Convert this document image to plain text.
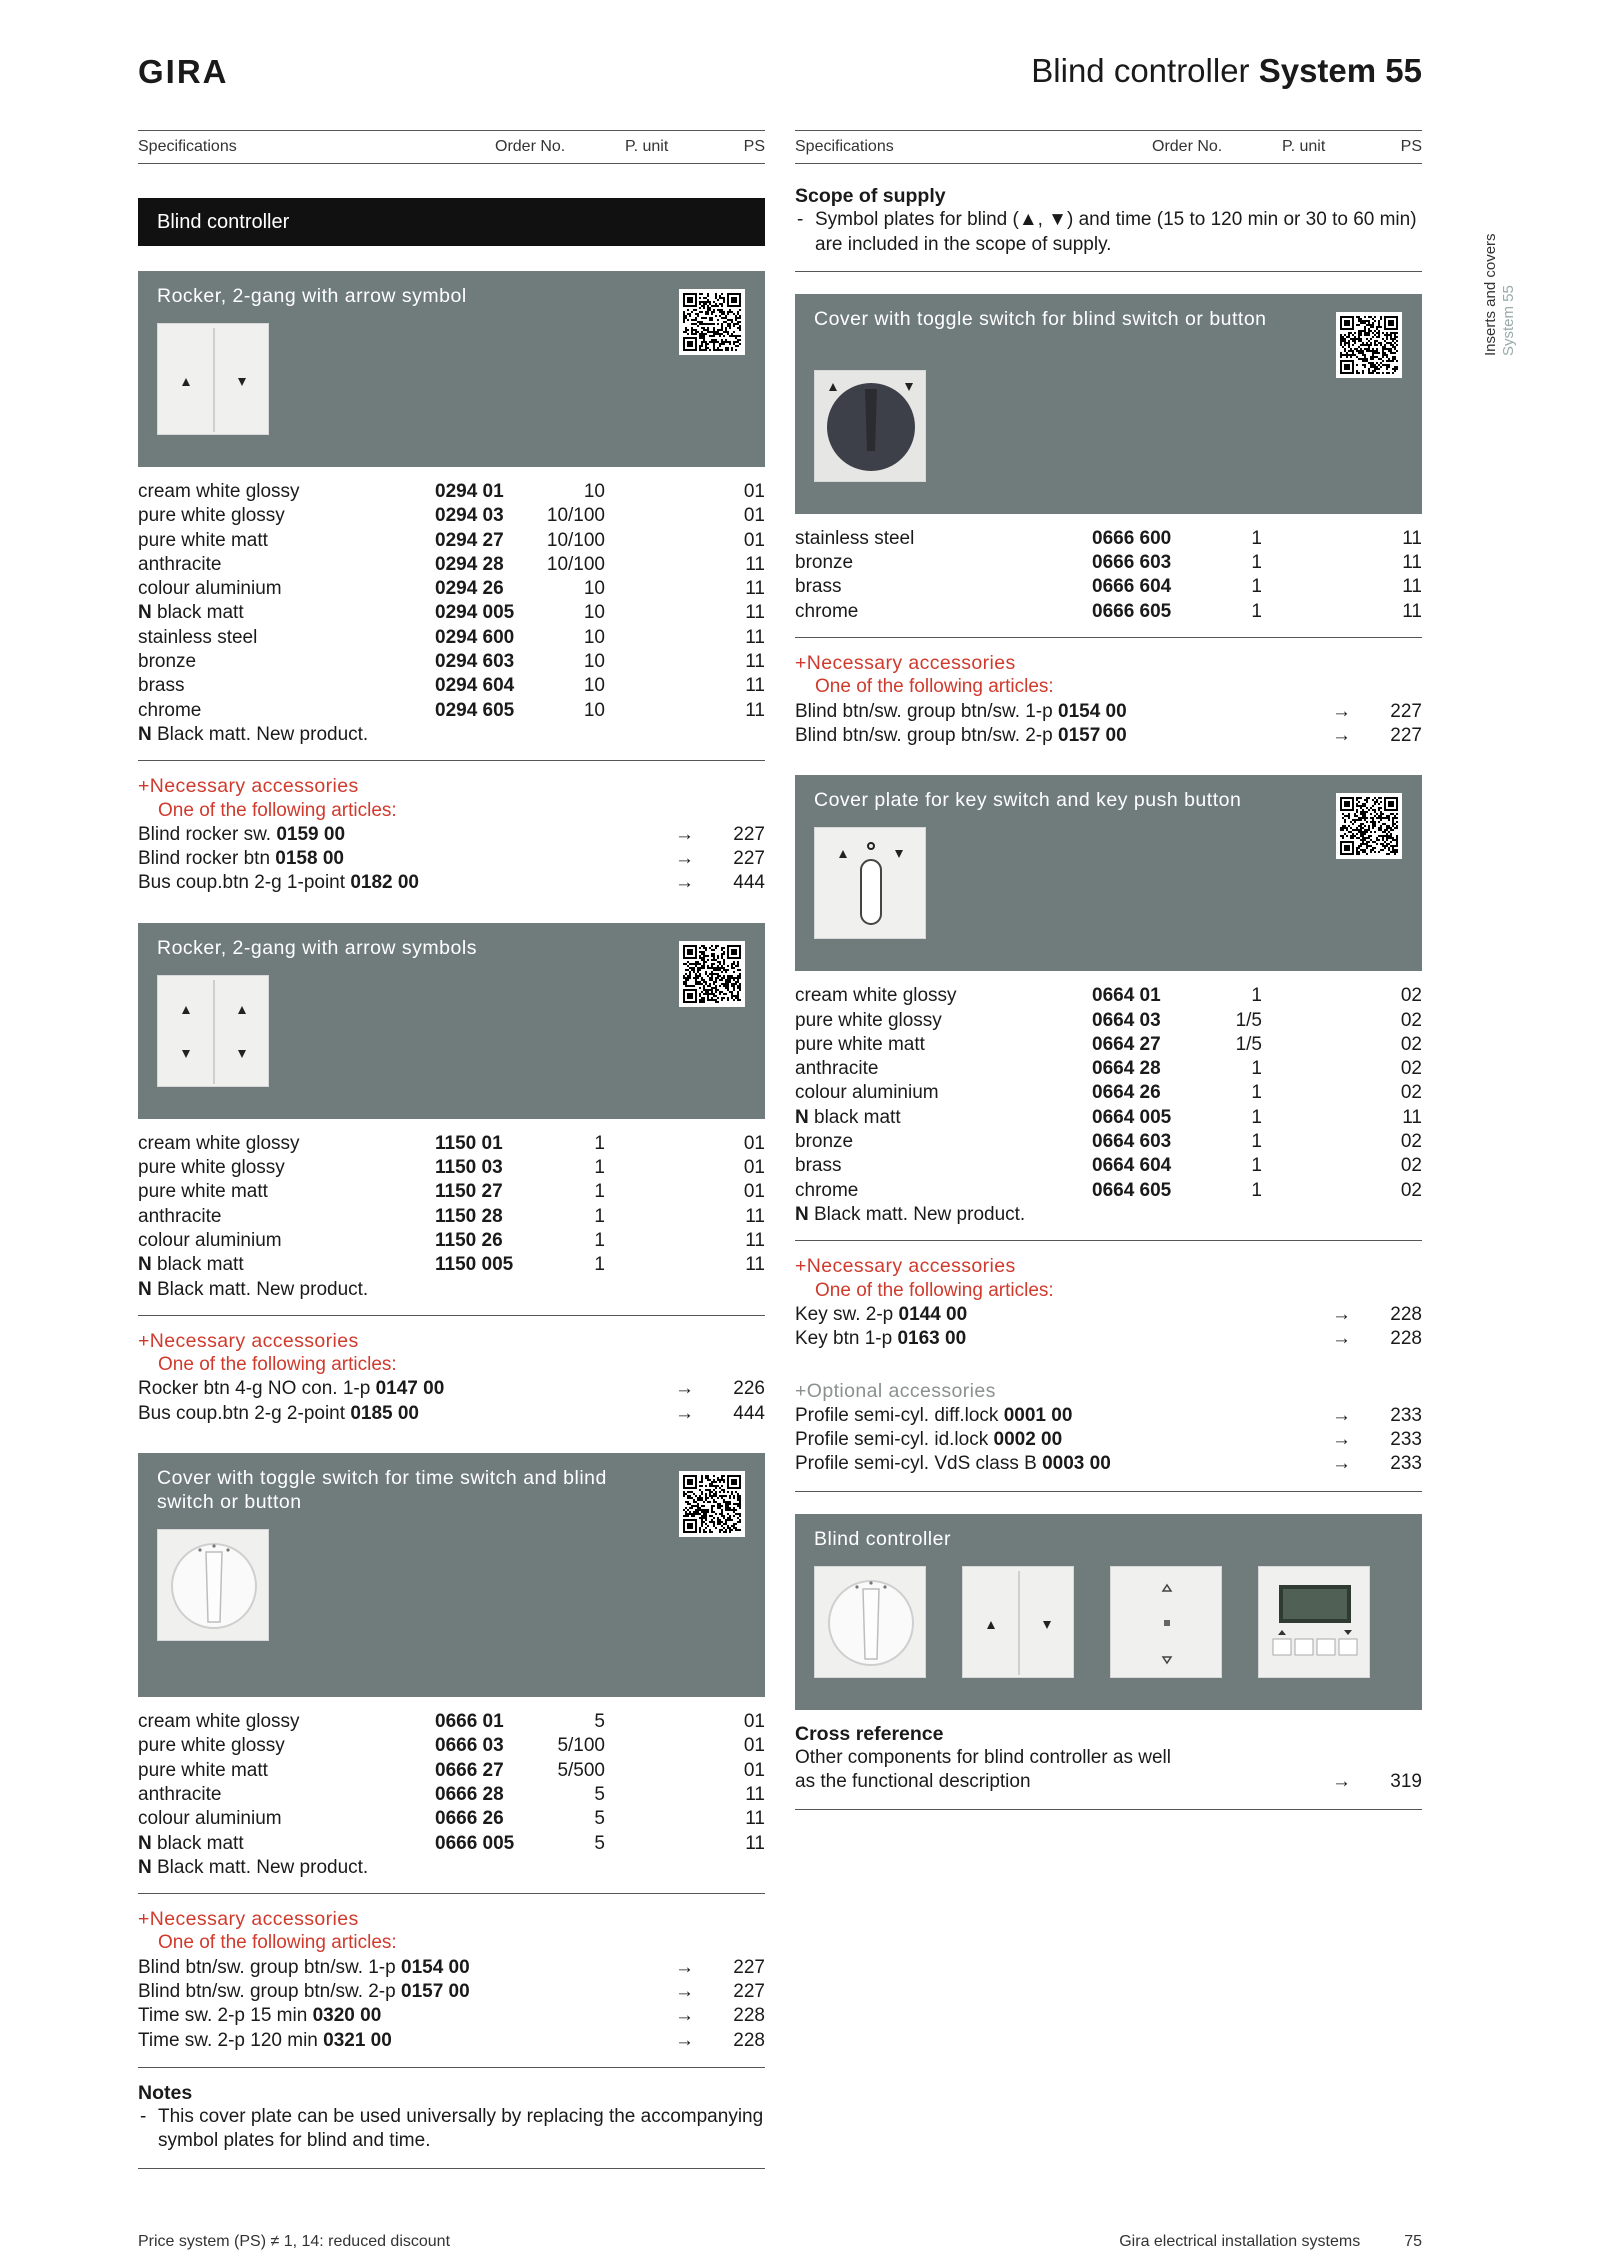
GIRA	Blind controller System 55
Inserts and covers System 55
Specifications	Order No.	P. unit	PS
Blind controller
Rocker, 2-gang with arrow symbol
cream white glossy	0294 01	10	01
pure white glossy	0294 03	10/100	01
pure white matt	0294 27	10/100	01
anthracite	0294 28	10/100	11
colour aluminium	0294 26	10	11
N black matt	0294 005	10	11
stainless steel	0294 600	10	11
bronze	0294 603	10	11
brass	0294 604	10	11
chrome	0294 605	10	11
N Black matt. New product.
+Necessary accessories
One of the following articles:
Blind rocker sw. 0159 00	→	227
Blind rocker btn 0158 00	→	227
Bus coup.btn 2-g 1-point 0182 00	→	444
Rocker, 2-gang with arrow symbols
cream white glossy	1150 01	1	01
pure white glossy	1150 03	1	01
pure white matt	1150 27	1	01
anthracite	1150 28	1	11
colour aluminium	1150 26	1	11
N black matt	1150 005	1	11
N Black matt. New product.
+Necessary accessories
One of the following articles:
Rocker btn 4-g NO con. 1-p 0147 00	→	226
Bus coup.btn 2-g 2-point 0185 00	→	444
Cover with toggle switch for time switch and blind switch or button
cream white glossy	0666 01	5	01
pure white glossy	0666 03	5/100	01
pure white matt	0666 27	5/500	01
anthracite	0666 28	5	11
colour aluminium	0666 26	5	11
N black matt	0666 005	5	11
N Black matt. New product.
+Necessary accessories
One of the following articles:
Blind btn/sw. group btn/sw. 1-p 0154 00	→	227
Blind btn/sw. group btn/sw. 2-p 0157 00	→	227
Time sw. 2-p 15 min 0320 00	→	228
Time sw. 2-p 120 min 0321 00	→	228
Notes
- This cover plate can be used universally by replacing the accompanying symbol plates for blind and time.
Specifications	Order No.	P. unit	PS
Scope of supply
- Symbol plates for blind (▲, ▼) and time (15 to 120 min or 30 to 60 min) are included in the scope of supply.
Cover with toggle switch for blind switch or button
stainless steel	0666 600	1	11
bronze	0666 603	1	11
brass	0666 604	1	11
chrome	0666 605	1	11
+Necessary accessories
One of the following articles:
Blind btn/sw. group btn/sw. 1-p 0154 00	→	227
Blind btn/sw. group btn/sw. 2-p 0157 00	→	227
Cover plate for key switch and key push button
cream white glossy	0664 01	1	02
pure white glossy	0664 03	1/5	02
pure white matt	0664 27	1/5	02
anthracite	0664 28	1	02
colour aluminium	0664 26	1	02
N black matt	0664 005	1	11
bronze	0664 603	1	02
brass	0664 604	1	02
chrome	0664 605	1	02
N Black matt. New product.
+Necessary accessories
One of the following articles:
Key sw. 2-p 0144 00	→	228
Key btn 1-p 0163 00	→	228
+Optional accessories
Profile semi-cyl. diff.lock 0001 00	→	233
Profile semi-cyl. id.lock 0002 00	→	233
Profile semi-cyl. VdS class B 0003 00	→	233
Blind controller
Cross reference
Other components for blind controller as well
as the functional description	→	319
Price system (PS) ≠ 1, 14: reduced discount	Gira electrical installation systems	75
